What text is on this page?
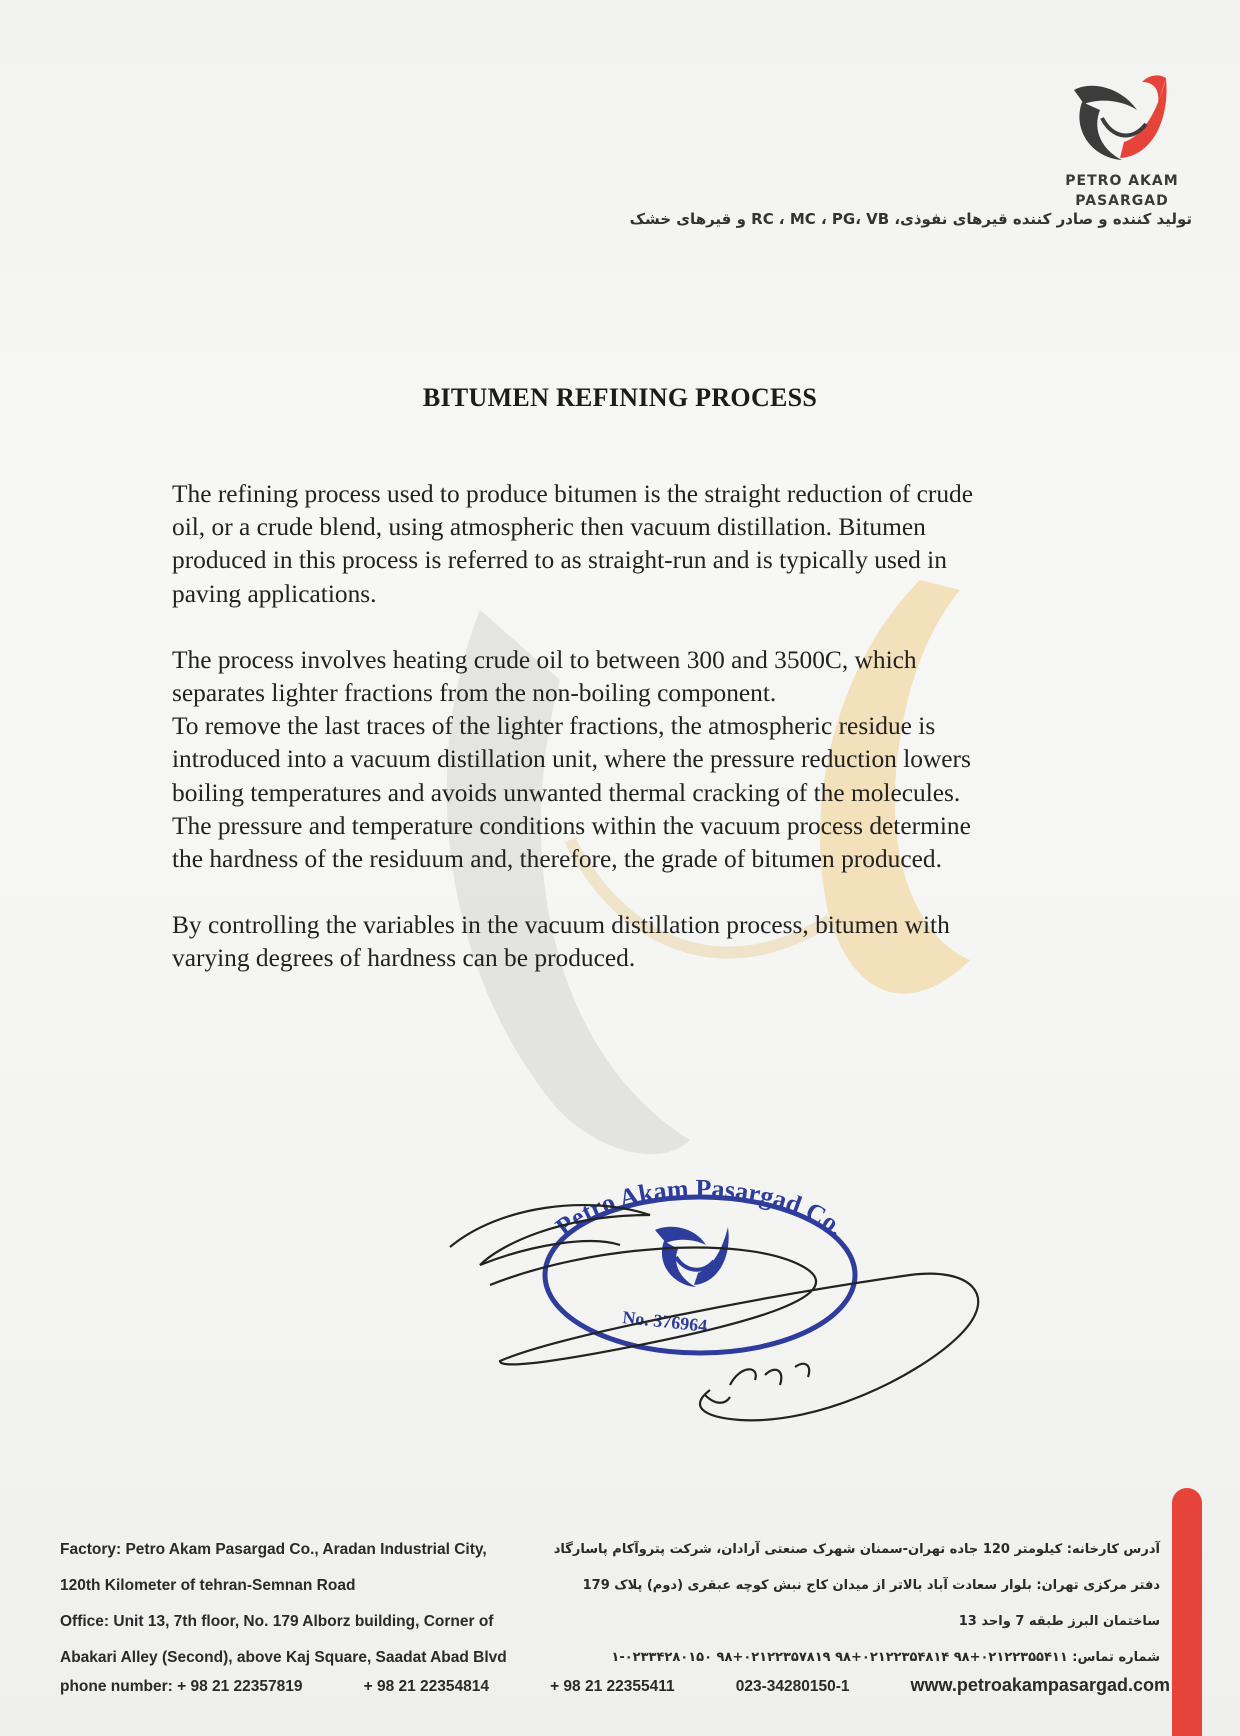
PETRO AKAM
PASARGAD
تولید کننده و صادر کننده قیرهای نفوذی، RC ، MC ، PG، VB و قیرهای خشک
BITUMEN REFINING PROCESS

The refining process used to produce bitumen is the straight reduction of crude
oil, or a crude blend, using atmospheric then vacuum distillation. Bitumen
produced in this process is referred to as straight-run and is typically used in
paving applications.

The process involves heating crude oil to between 300 and 3500C, which
separates lighter fractions from the non-boiling component.
To remove the last traces of the lighter fractions, the atmospheric residue is
introduced into a vacuum distillation unit, where the pressure reduction lowers
boiling temperatures and avoids unwanted thermal cracking of the molecules.
The pressure and temperature conditions within the vacuum process determine
the hardness of the residuum and, therefore, the grade of bitumen produced.

By controlling the variables in the vacuum distillation process, bitumen with
varying degrees of hardness can be produced.

Petro Akam Pasargad Co.
No. 376964
Factory: Petro Akam Pasargad Co., Aradan Industrial City,
120th Kilometer of tehran-Semnan Road
Office: Unit 13, 7th floor, No. 179 Alborz building, Corner of
Abakari Alley (Second), above Kaj Square, Saadat Abad Blvd
آدرس کارخانه: کیلومتر 120 جاده تهران-سمنان شهرک صنعتی آرادان، شرکت پتروآکام پاسارگاد
دفتر مرکزی تهران: بلوار سعادت آباد بالاتر از میدان کاج نبش کوچه عبقری (دوم) پلاک 179
ساختمان البرز طبقه 7 واحد 13
شماره تماس: ۰۲۱۲۲۳۵۵۴۱۱+۹۸ ۰۲۱۲۲۳۵۴۸۱۴+۹۸ ۰۲۱۲۲۳۵۷۸۱۹+۹۸ ۰۲۳۳۴۲۸۰۱۵۰-۱
phone number: + 98 21 22357819	+ 98 21 22354814	+ 98 21 22355411	023-34280150-1	www.petroakampasargad.com
